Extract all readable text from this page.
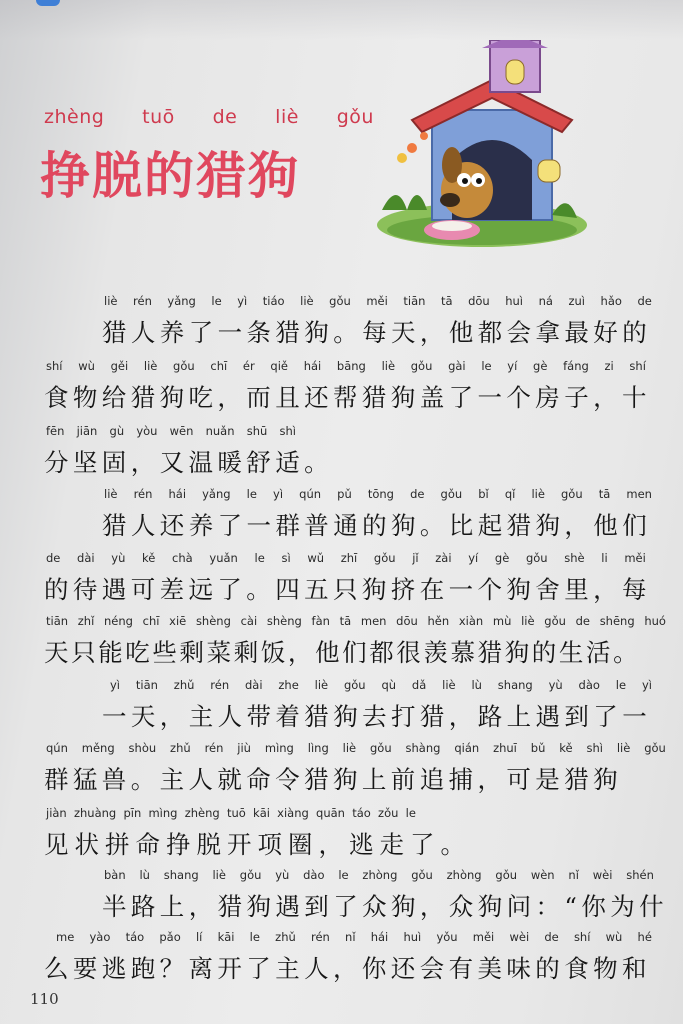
zhèng tuō de liè gǒu
挣脱的猎狗
liè rén yǎng le yì tiáo liè gǒu měi tiān tā dōu huì ná zuì hǎo de
猎人养了一条猎狗。每天，他都会拿最好的
shí wù gěi liè gǒu chī ér qiě hái bāng liè gǒu gài le yí gè fáng zi shí
食物给猎狗吃，而且还帮猎狗盖了一个房子，十
fēn jiān gù yòu wēn nuǎn shū shì
分坚固，又温暖舒适。
liè rén hái yǎng le yì qún pǔ tōng de gǒu bǐ qǐ liè gǒu tā men
猎人还养了一群普通的狗。比起猎狗，他们
de dài yù kě chà yuǎn le sì wǔ zhī gǒu jǐ zài yí gè gǒu shè li měi
的待遇可差远了。四五只狗挤在一个狗舍里，每
tiān zhǐ néng chī xiē shèng cài shèng fàn tā men dōu hěn xiàn mù liè gǒu de shēng huó
天只能吃些剩菜剩饭，他们都很羡慕猎狗的生活。
yì tiān zhǔ rén dài zhe liè gǒu qù dǎ liè lù shang yù dào le yì
一天，主人带着猎狗去打猎，路上遇到了一
qún měng shòu zhǔ rén jiù mìng lìng liè gǒu shàng qián zhuī bǔ kě shì liè gǒu
群猛兽。主人就命令猎狗上前追捕，可是猎狗
jiàn zhuàng pīn mìng zhèng tuō kāi xiàng quān táo zǒu le
见状拼命挣脱开项圈，逃走了。
bàn lù shang liè gǒu yù dào le zhòng gǒu zhòng gǒu wèn nǐ wèi shén
半路上，猎狗遇到了众狗，众狗问：“你为什
me yào táo pǎo lí kāi le zhǔ rén nǐ hái huì yǒu měi wèi de shí wù hé
么要逃跑？离开了主人，你还会有美味的食物和
110
